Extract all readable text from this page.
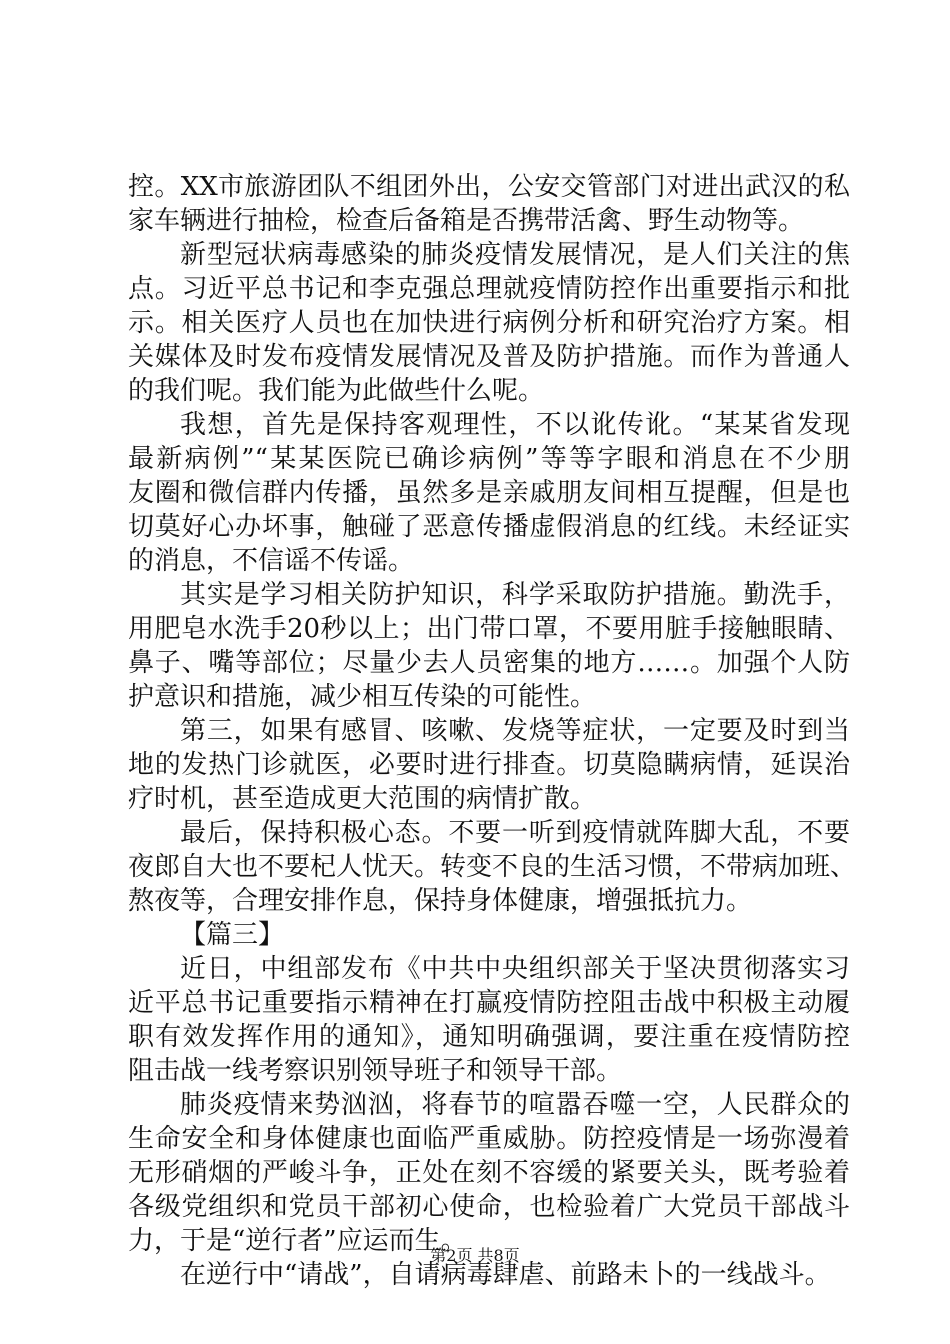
控。XX市旅游团队不组团外出，公安交管部门对进出武汉的私
家车辆进行抽检，检查后备箱是否携带活禽、野生动物等。
新型冠状病毒感染的肺炎疫情发展情况，是人们关注的焦
点。习近平总书记和李克强总理就疫情防控作出重要指示和批
示。相关医疗人员也在加快进行病例分析和研究治疗方案。相
关媒体及时发布疫情发展情况及普及防护措施。而作为普通人
的我们呢。我们能为此做些什么呢。
我想，首先是保持客观理性，不以讹传讹。“某某省发现
最新病例”“某某医院已确诊病例”等等字眼和消息在不少朋
友圈和微信群内传播，虽然多是亲戚朋友间相互提醒，但是也
切莫好心办坏事，触碰了恶意传播虚假消息的红线。未经证实
的消息，不信谣不传谣。
其实是学习相关防护知识，科学采取防护措施。勤洗手，
用肥皂水洗手20秒以上；出门带口罩，不要用脏手接触眼睛、
鼻子、嘴等部位；尽量少去人员密集的地方……。加强个人防
护意识和措施，减少相互传染的可能性。
第三，如果有感冒、咳嗽、发烧等症状，一定要及时到当
地的发热门诊就医，必要时进行排查。切莫隐瞒病情，延误治
疗时机，甚至造成更大范围的病情扩散。
最后，保持积极心态。不要一听到疫情就阵脚大乱，不要
夜郎自大也不要杞人忧天。转变不良的生活习惯，不带病加班、
熬夜等，合理安排作息，保持身体健康，增强抵抗力。
【篇三】
近日，中组部发布《中共中央组织部关于坚决贯彻落实习
近平总书记重要指示精神在打赢疫情防控阻击战中积极主动履
职有效发挥作用的通知》，通知明确强调，要注重在疫情防控
阻击战一线考察识别领导班子和领导干部。
肺炎疫情来势汹汹，将春节的喧嚣吞噬一空，人民群众的
生命安全和身体健康也面临严重威胁。防控疫情是一场弥漫着
无形硝烟的严峻斗争，正处在刻不容缓的紧要关头，既考验着
各级党组织和党员干部初心使命，也检验着广大党员干部战斗
力，于是“逆行者”应运而生。
在逆行中“请战”，自请病毒肆虐、前路未卜的一线战斗。
第2页 共8页
